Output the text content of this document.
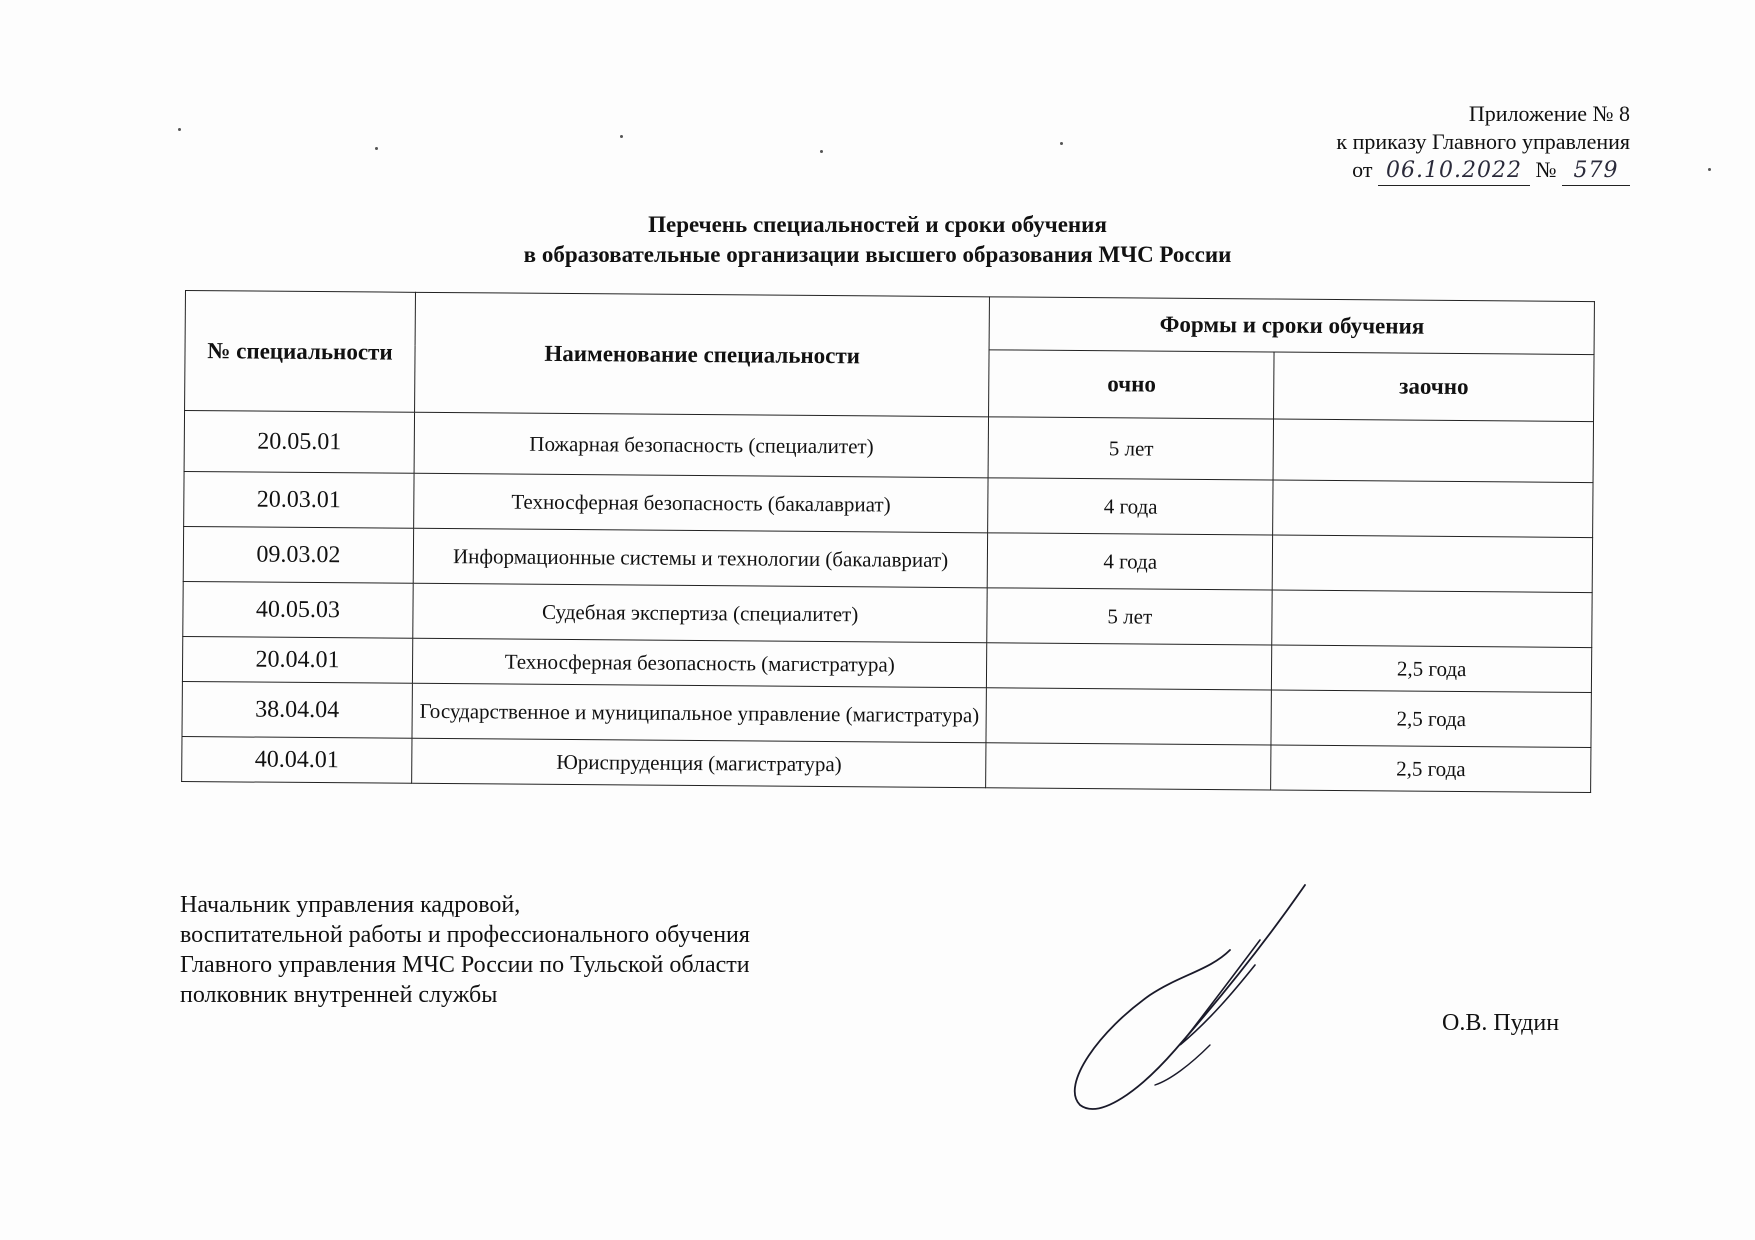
Приложение № 8
к приказу Главного управления
от 06.10.2022 № 579
Перечень специальностей и сроки обучения
в образовательные организации высшего образования МЧС России
№ специальности	Наименование специальности	Формы и сроки обучения	
		очно	заочно
20.05.01	Пожарная безопасность (специалитет)	5 лет	
20.03.01	Техносферная безопасность (бакалавриат)	4 года	
09.03.02	Информационные системы и технологии (бакалавриат)	4 года	
40.05.03	Судебная экспертиза (специалитет)	5 лет	
20.04.01	Техносферная безопасность (магистратура)		2,5 года
38.04.04	Государственное и муниципальное управление (магистратура)		2,5 года
40.04.01	Юриспруденция (магистратура)		2,5 года
Начальник управления кадровой,
воспитательной работы и профессионального обучения
Главного управления МЧС России по Тульской области
полковник внутренней службы
О.В. Пудин
